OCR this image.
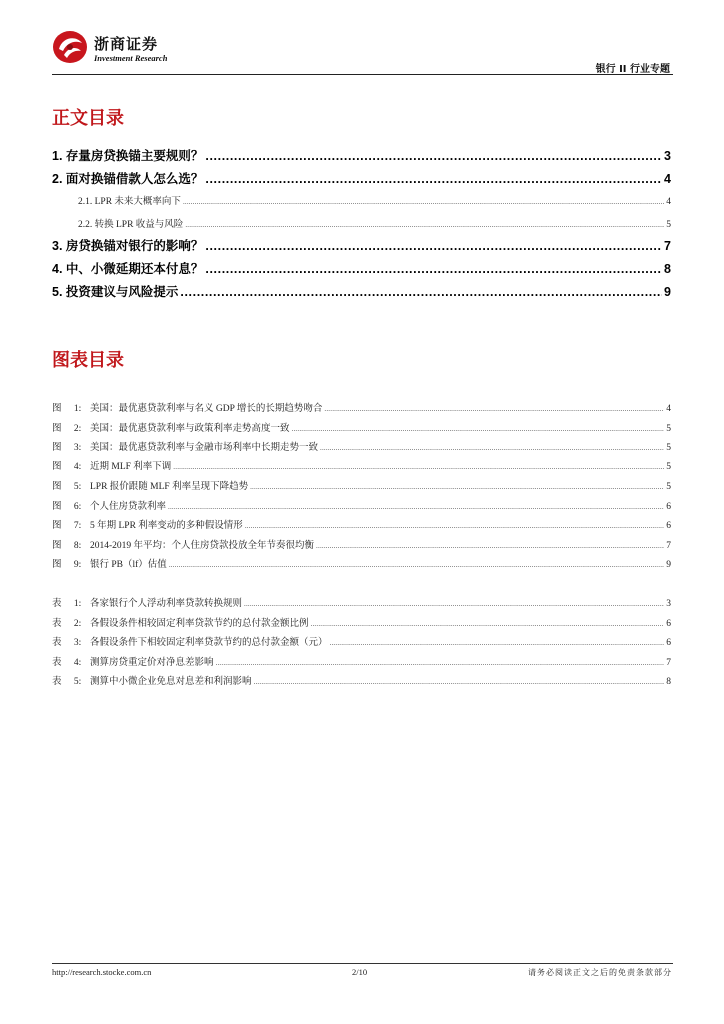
浙商证券
Investment Research
银行 II 行业专题
正文目录
1. 存量房贷换锚主要规则？ .....	3
2. 面对换锚借款人怎么选？ .....	4
2.1. LPR 未来大概率向下 .....	4
2.2. 转换 LPR 收益与风险 .....	5
3. 房贷换锚对银行的影响？ .....	7
4. 中、小微延期还本付息？ .....	8
5. 投资建议与风险提示 .....	9
图表目录
图 1: 美国：最优惠贷款利率与名义 GDP 增长的长期趋势吻合 .....	4
图 2: 美国：最优惠贷款利率与政策利率走势高度一致 .....	5
图 3: 美国：最优惠贷款利率与金融市场利率中长期走势一致 .....	5
图 4: 近期 MLF 利率下调 .....	5
图 5: LPR 报价跟随 MLF 利率呈现下降趋势 .....	5
图 6: 个人住房贷款利率 .....	6
图 7: 5 年期 LPR 利率变动的多种假设情形 .....	6
图 8: 2014-2019 年平均：个人住房贷款投放全年节奏很均衡 .....	7
图 9: 银行 PB（lf）估值 .....	9
表 1: 各家银行个人浮动利率贷款转换规则 .....	3
表 2: 各假设条件相较固定利率贷款节约的总付款金额比例 .....	6
表 3: 各假设条件下相较固定利率贷款节约的总付款金额（元） .....	6
表 4: 测算房贷重定价对净息差影响 .....	7
表 5: 测算中小微企业免息对息差和利润影响 .....	8
http://research.stocke.com.cn	2/10	请务必阅读正文之后的免责条款部分
